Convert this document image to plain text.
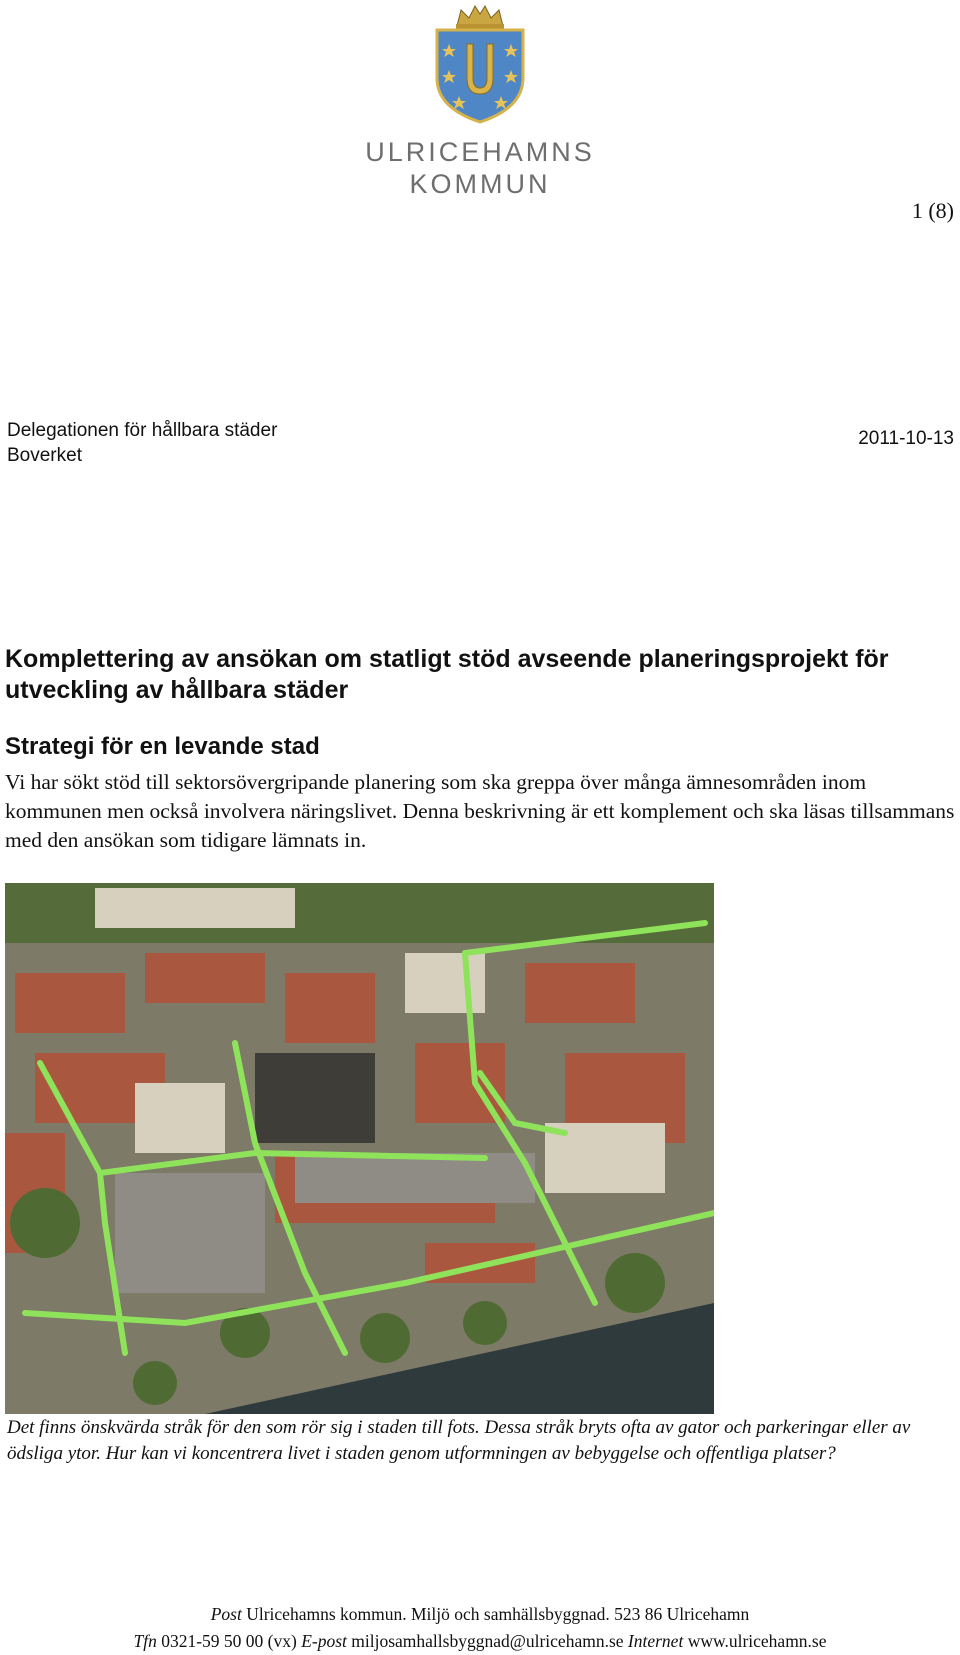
ULRICEHAMNS
KOMMUN
1 (8)
Delegationen för hållbara städer
Boverket
2011-10-13
Komplettering av ansökan om statligt stöd avseende planeringsprojekt för utveckling av hållbara städer
Strategi för en levande stad
Vi har sökt stöd till sektorsövergripande planering som ska greppa över många ämnesområden inom kommunen men också involvera näringslivet. Denna beskrivning är ett komplement och ska läsas tillsammans med den ansökan som tidigare lämnats in.
Det finns önskvärda stråk för den som rör sig i staden till fots. Dessa stråk bryts ofta av gator och parkeringar eller av ödsliga ytor. Hur kan vi koncentrera livet i staden genom utformningen av bebyggelse och offentliga platser?
Post Ulricehamns kommun. Miljö och samhällsbyggnad. 523 86 Ulricehamn
Tfn 0321-59 50 00 (vx) E-post miljosamhallsbyggnad@ulricehamn.se Internet www.ulricehamn.se
